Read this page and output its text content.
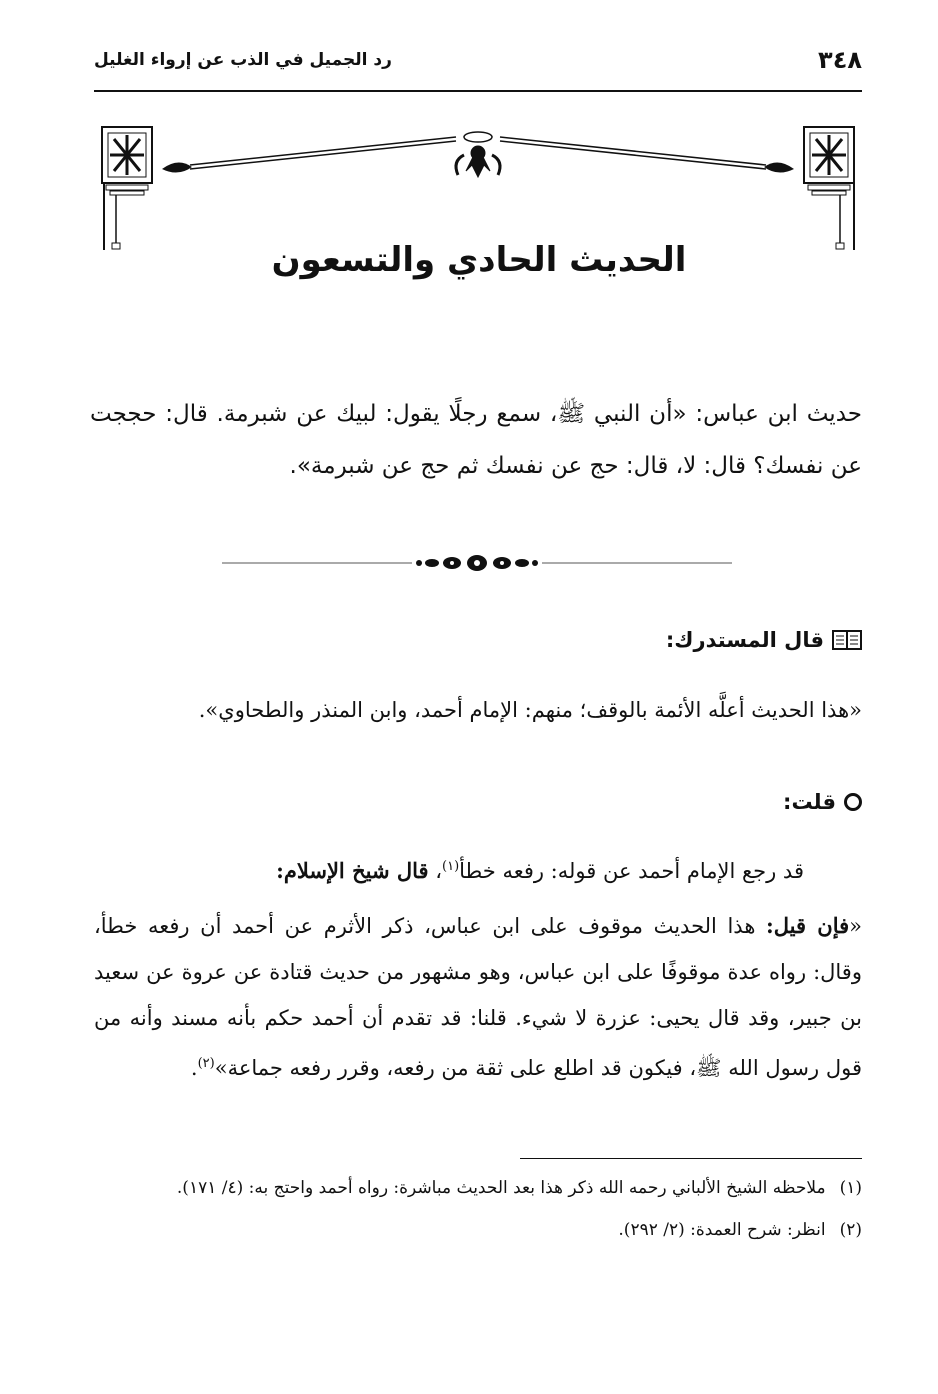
٣٤٨
رد الجميل في الذب عن إرواء الغليل
الحديث الحادي والتسعون
حديث ابن عباس: «أن النبي ﷺ، سمع رجلًا يقول: لبيك عن شبرمة. قال: حججت عن نفسك؟ قال: لا، قال: حج عن نفسك ثم حج عن شبرمة».
قال المستدرك:
«هذا الحديث أعلَّه الأئمة بالوقف؛ منهم: الإمام أحمد، وابن المنذر والطحاوي».
قلت:
قد رجع الإمام أحمد عن قوله: رفعه خطأ$^{(١)}$، قال شيخ الإسلام:
«فإن قيل: هذا الحديث موقوف على ابن عباس، ذكر الأثرم عن أحمد أن رفعه خطأ، وقال: رواه عدة موقوفًا على ابن عباس، وهو مشهور من حديث قتادة عن عروة عن سعيد بن جبير، وقد قال يحيى: عزرة لا شيء. قلنا: قد تقدم أن أحمد حكم بأنه مسند وأنه من قول رسول الله ﷺ، فيكون قد اطلع على ثقة من رفعه، وقرر رفعه جماعة»$^{(٢)}$.
(١)
ملاحظه الشيخ الألباني رحمه الله ذكر هذا بعد الحديث مباشرة: رواه أحمد واحتج به: (٤/ ١٧١).
(٢)
انظر: شرح العمدة: (٢/ ٢٩٢).
